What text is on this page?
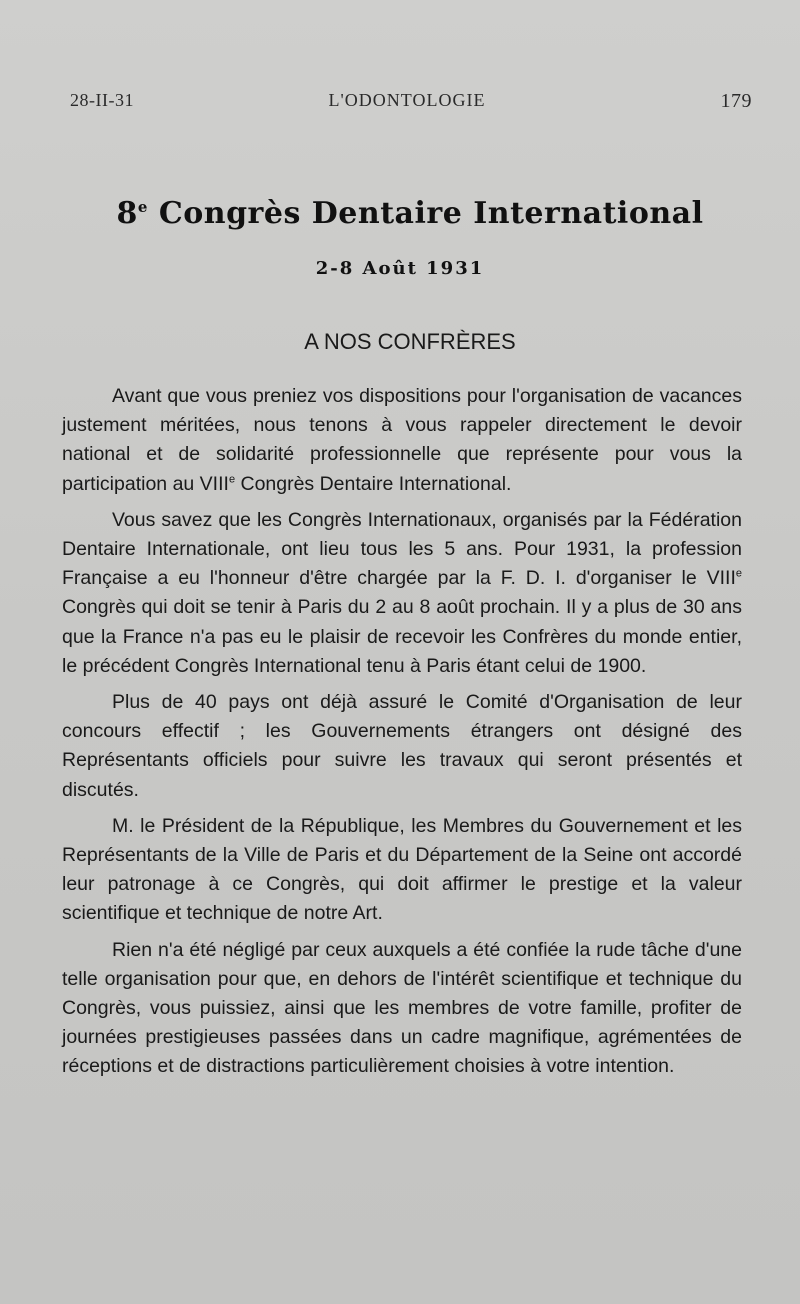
28-II-31	L'ODONTOLOGIE	179
8e Congrès Dentaire International
2-8 Août 1931
A NOS CONFRÈRES

Avant que vous preniez vos dispositions pour l'organisation de vacances justement méritées, nous tenons à vous rappeler directement le devoir national et de solidarité professionnelle que représente pour vous la participation au VIIIe Congrès Dentaire International.

Vous savez que les Congrès Internationaux, organisés par la Fédération Dentaire Internationale, ont lieu tous les 5 ans. Pour 1931, la profession Française a eu l'honneur d'être chargée par la F. D. I. d'organiser le VIIIe Congrès qui doit se tenir à Paris du 2 au 8 août prochain. Il y a plus de 30 ans que la France n'a pas eu le plaisir de recevoir les Confrères du monde entier, le précédent Congrès International tenu à Paris étant celui de 1900.

Plus de 40 pays ont déjà assuré le Comité d'Organisation de leur concours effectif ; les Gouvernements étrangers ont désigné des Représentants officiels pour suivre les travaux qui seront présentés et discutés.

M. le Président de la République, les Membres du Gouvernement et les Représentants de la Ville de Paris et du Département de la Seine ont accordé leur patronage à ce Congrès, qui doit affirmer le prestige et la valeur scientifique et technique de notre Art.

Rien n'a été négligé par ceux auxquels a été confiée la rude tâche d'une telle organisation pour que, en dehors de l'intérêt scientifique et technique du Congrès, vous puissiez, ainsi que les membres de votre famille, profiter de journées prestigieuses passées dans un cadre magnifique, agrémentées de réceptions et de distractions particulièrement choisies à votre intention.
